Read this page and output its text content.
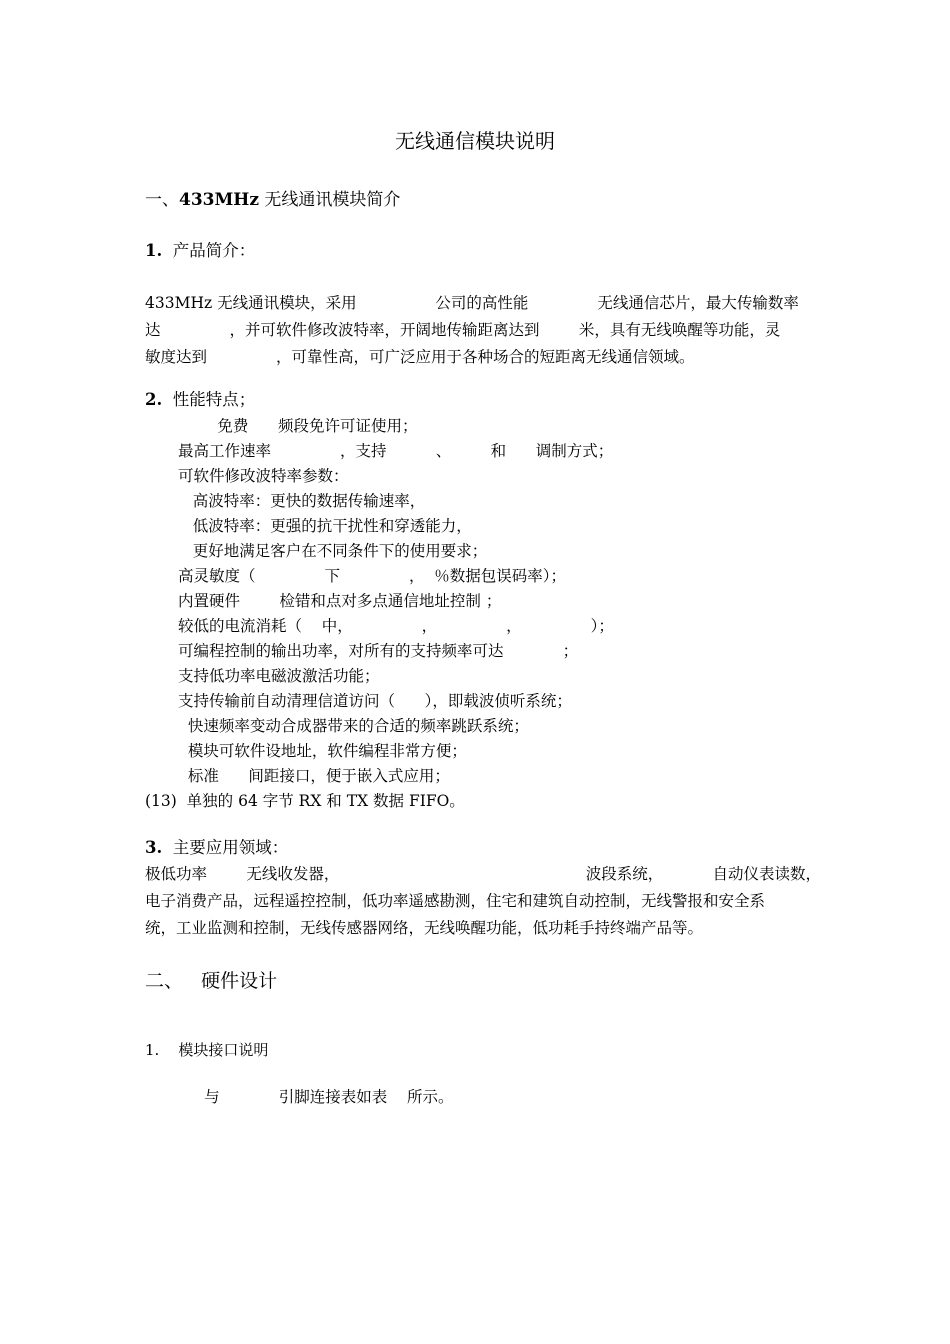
无线通信模块说明
一、433MHz 无线通讯模块简介
1.  产品简介：
433MHz 无线通讯模块，采用                公司的高性能              无线通信芯片，最大传输数率
达              ，并可软件修改波特率，开阔地传输距离达到        米，具有无线唤醒等功能，灵
敏度达到              ，可靠性高，可广泛应用于各种场合的短距离无线通信领域。
2.  性能特点；
免费      频段免许可证使用；
最高工作速率              ，支持          、        和      调制方式；
可软件修改波特率参数：
高波特率：更快的数据传输速率，
低波特率：更强的抗干扰性和穿透能力，
更好地满足客户在不同条件下的使用要求；
高灵敏度（              下              ，  ％数据包误码率）；
内置硬件        检错和点对多点通信地址控制 ；
较低的电流消耗（    中，              ，              ，              ）；
可编程控制的输出功率，对所有的支持频率可达            ；
支持低功率电磁波激活功能；
支持传输前自动清理信道访问（      ），即载波侦听系统；
快速频率变动合成器带来的合适的频率跳跃系统；
模块可软件设地址，软件编程非常方便；
标准      间距接口，便于嵌入式应用；
(13)  单独的 64 字节 RX 和 TX 数据 FIFO。
3.  主要应用领域：
极低功率        无线收发器，                                                  波段系统，          自动仪表读数，
电子消费产品，远程遥控控制，低功率遥感勘测，住宅和建筑自动控制，无线警报和安全系
统，工业监测和控制，无线传感器网络，无线唤醒功能，低功耗手持终端产品等。
二、   硬件设计
1.    模块接口说明
与            引脚连接表如表    所示。
